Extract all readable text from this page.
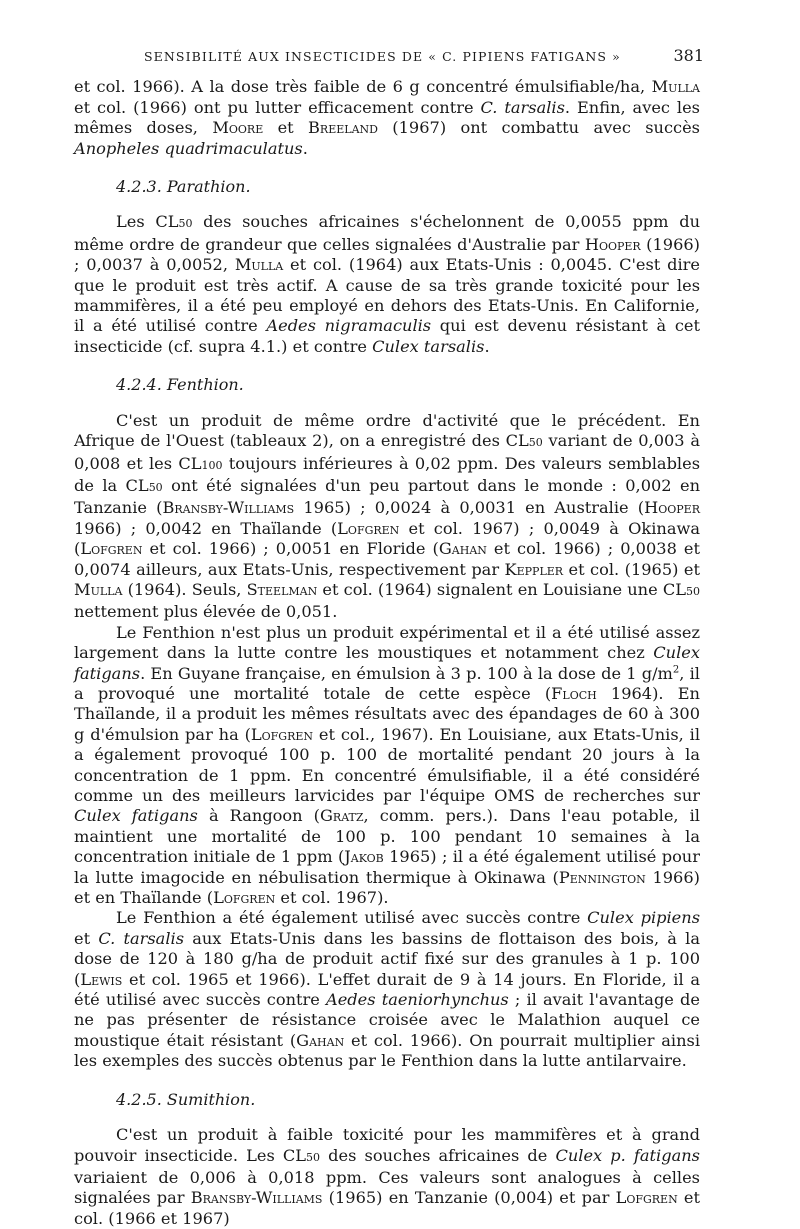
SENSIBILITÉ AUX INSECTICIDES DE « C. PIPIENS FATIGANS »	381

et col. 1966). A la dose très faible de 6 g concentré émulsifiable/ha, Mulla et col. (1966) ont pu lutter efficacement contre C. tarsalis. Enfin, avec les mêmes doses, Moore et Breeland (1967) ont combattu avec succès Anopheles quadrimaculatus.

4.2.3. Parathion.

Les CL50 des souches africaines s'échelonnent de 0,0055 ppm du même ordre de grandeur que celles signalées d'Australie par Hooper (1966) ; 0,0037 à 0,0052, Mulla et col. (1964) aux Etats-Unis : 0,0045. C'est dire que le produit est très actif. A cause de sa très grande toxicité pour les mammifères, il a été peu employé en dehors des Etats-Unis. En Californie, il a été utilisé contre Aedes nigramaculis qui est devenu résistant à cet insecticide (cf. supra 4.1.) et contre Culex tarsalis.

4.2.4. Fenthion.

C'est un produit de même ordre d'activité que le précédent. En Afrique de l'Ouest (tableaux 2), on a enregistré des CL50 variant de 0,003 à 0,008 et les CL100 toujours inférieures à 0,02 ppm. Des valeurs semblables de la CL50 ont été signalées d'un peu partout dans le monde : 0,002 en Tanzanie (Bransby-Williams 1965) ; 0,0024 à 0,0031 en Australie (Hooper 1966) ; 0,0042 en Thaïlande (Lofgren et col. 1967) ; 0,0049 à Okinawa (Lofgren et col. 1966) ; 0,0051 en Floride (Gahan et col. 1966) ; 0,0038 et 0,0074 ailleurs, aux Etats-Unis, respectivement par Keppler et col. (1965) et Mulla (1964). Seuls, Steelman et col. (1964) signalent en Louisiane une CL50 nettement plus élevée de 0,051.

Le Fenthion n'est plus un produit expérimental et il a été utilisé assez largement dans la lutte contre les moustiques et notamment chez Culex fatigans. En Guyane française, en émulsion à 3 p. 100 à la dose de 1 $g/m^2$, il a provoqué une mortalité totale de cette espèce (Floch 1964). En Thaïlande, il a produit les mêmes résultats avec des épandages de 60 à 300 g d'émulsion par ha (Lofgren et col., 1967). En Louisiane, aux Etats-Unis, il a également provoqué 100 p. 100 de mortalité pendant 20 jours à la concentration de 1 ppm. En concentré émulsifiable, il a été considéré comme un des meilleurs larvicides par l'équipe OMS de recherches sur Culex fatigans à Rangoon (Gratz, comm. pers.). Dans l'eau potable, il maintient une mortalité de 100 p. 100 pendant 10 semaines à la concentration initiale de 1 ppm (Jakob 1965) ; il a été également utilisé pour la lutte imagocide en nébulisation thermique à Okinawa (Pennington 1966) et en Thaïlande (Lofgren et col. 1967).

Le Fenthion a été également utilisé avec succès contre Culex pipiens et C. tarsalis aux Etats-Unis dans les bassins de flottaison des bois, à la dose de 120 à 180 g/ha de produit actif fixé sur des granules à 1 p. 100 (Lewis et col. 1965 et 1966). L'effet durait de 9 à 14 jours. En Floride, il a été utilisé avec succès contre Aedes taeniorhynchus ; il avait l'avantage de ne pas présenter de résistance croisée avec le Malathion auquel ce moustique était résistant (Gahan et col. 1966). On pourrait multiplier ainsi les exemples des succès obtenus par le Fenthion dans la lutte antilarvaire.

4.2.5. Sumithion.

C'est un produit à faible toxicité pour les mammifères et à grand pouvoir insecticide. Les CL50 des souches africaines de Culex p. fatigans variaient de 0,006 à 0,018 ppm. Ces valeurs sont analogues à celles signalées par Bransby-Williams (1965) en Tanzanie (0,004) et par Lofgren et col. (1966 et 1967)
